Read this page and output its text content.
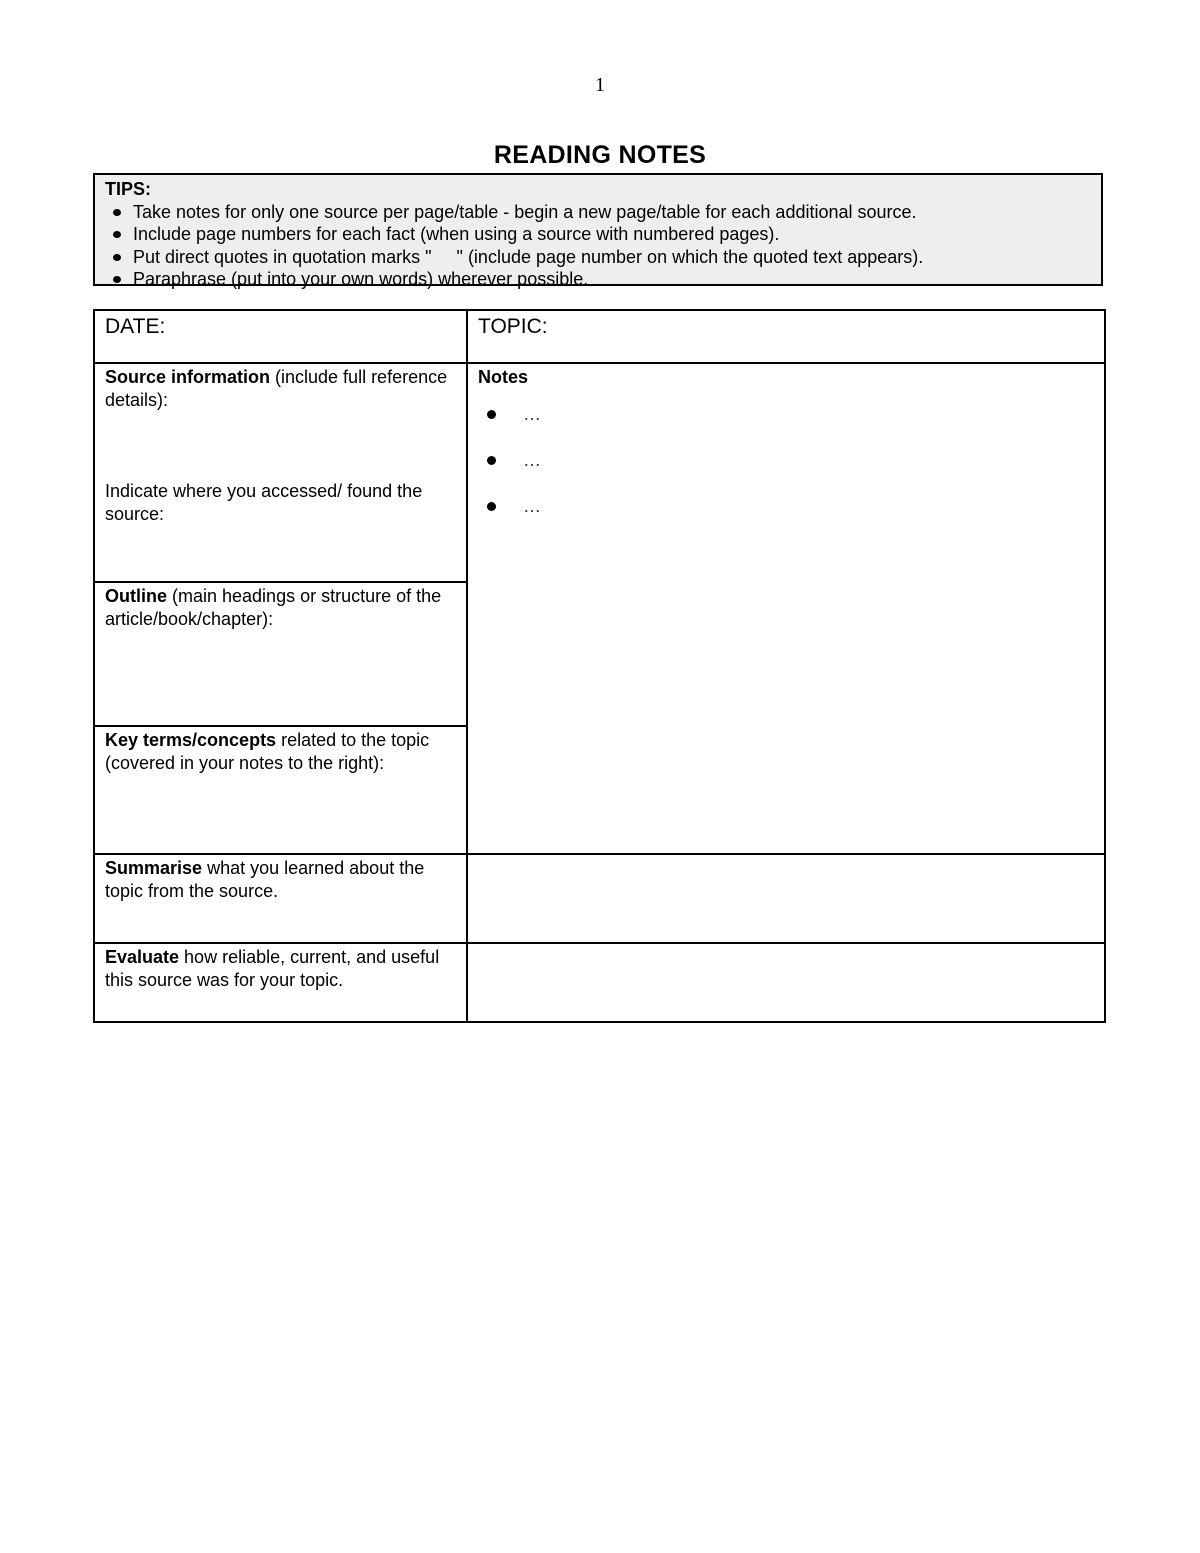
1
READING NOTES
TIPS:
Take notes for only one source per page/table - begin a new page/table for each additional source.
Include page numbers for each fact (when using a source with numbered pages).
Put direct quotes in quotation marks "     " (include page number on which the quoted text appears).
Paraphrase (put into your own words) wherever possible.
DATE:	TOPIC:
Source information (include full reference details):
Indicate where you accessed/ found the source:
Notes
…
…
…
Outline (main headings or structure of the article/book/chapter):
Key terms/concepts related to the topic (covered in your notes to the right):
Summarise what you learned about the topic from the source.
Evaluate how reliable, current, and useful this source was for your topic.
